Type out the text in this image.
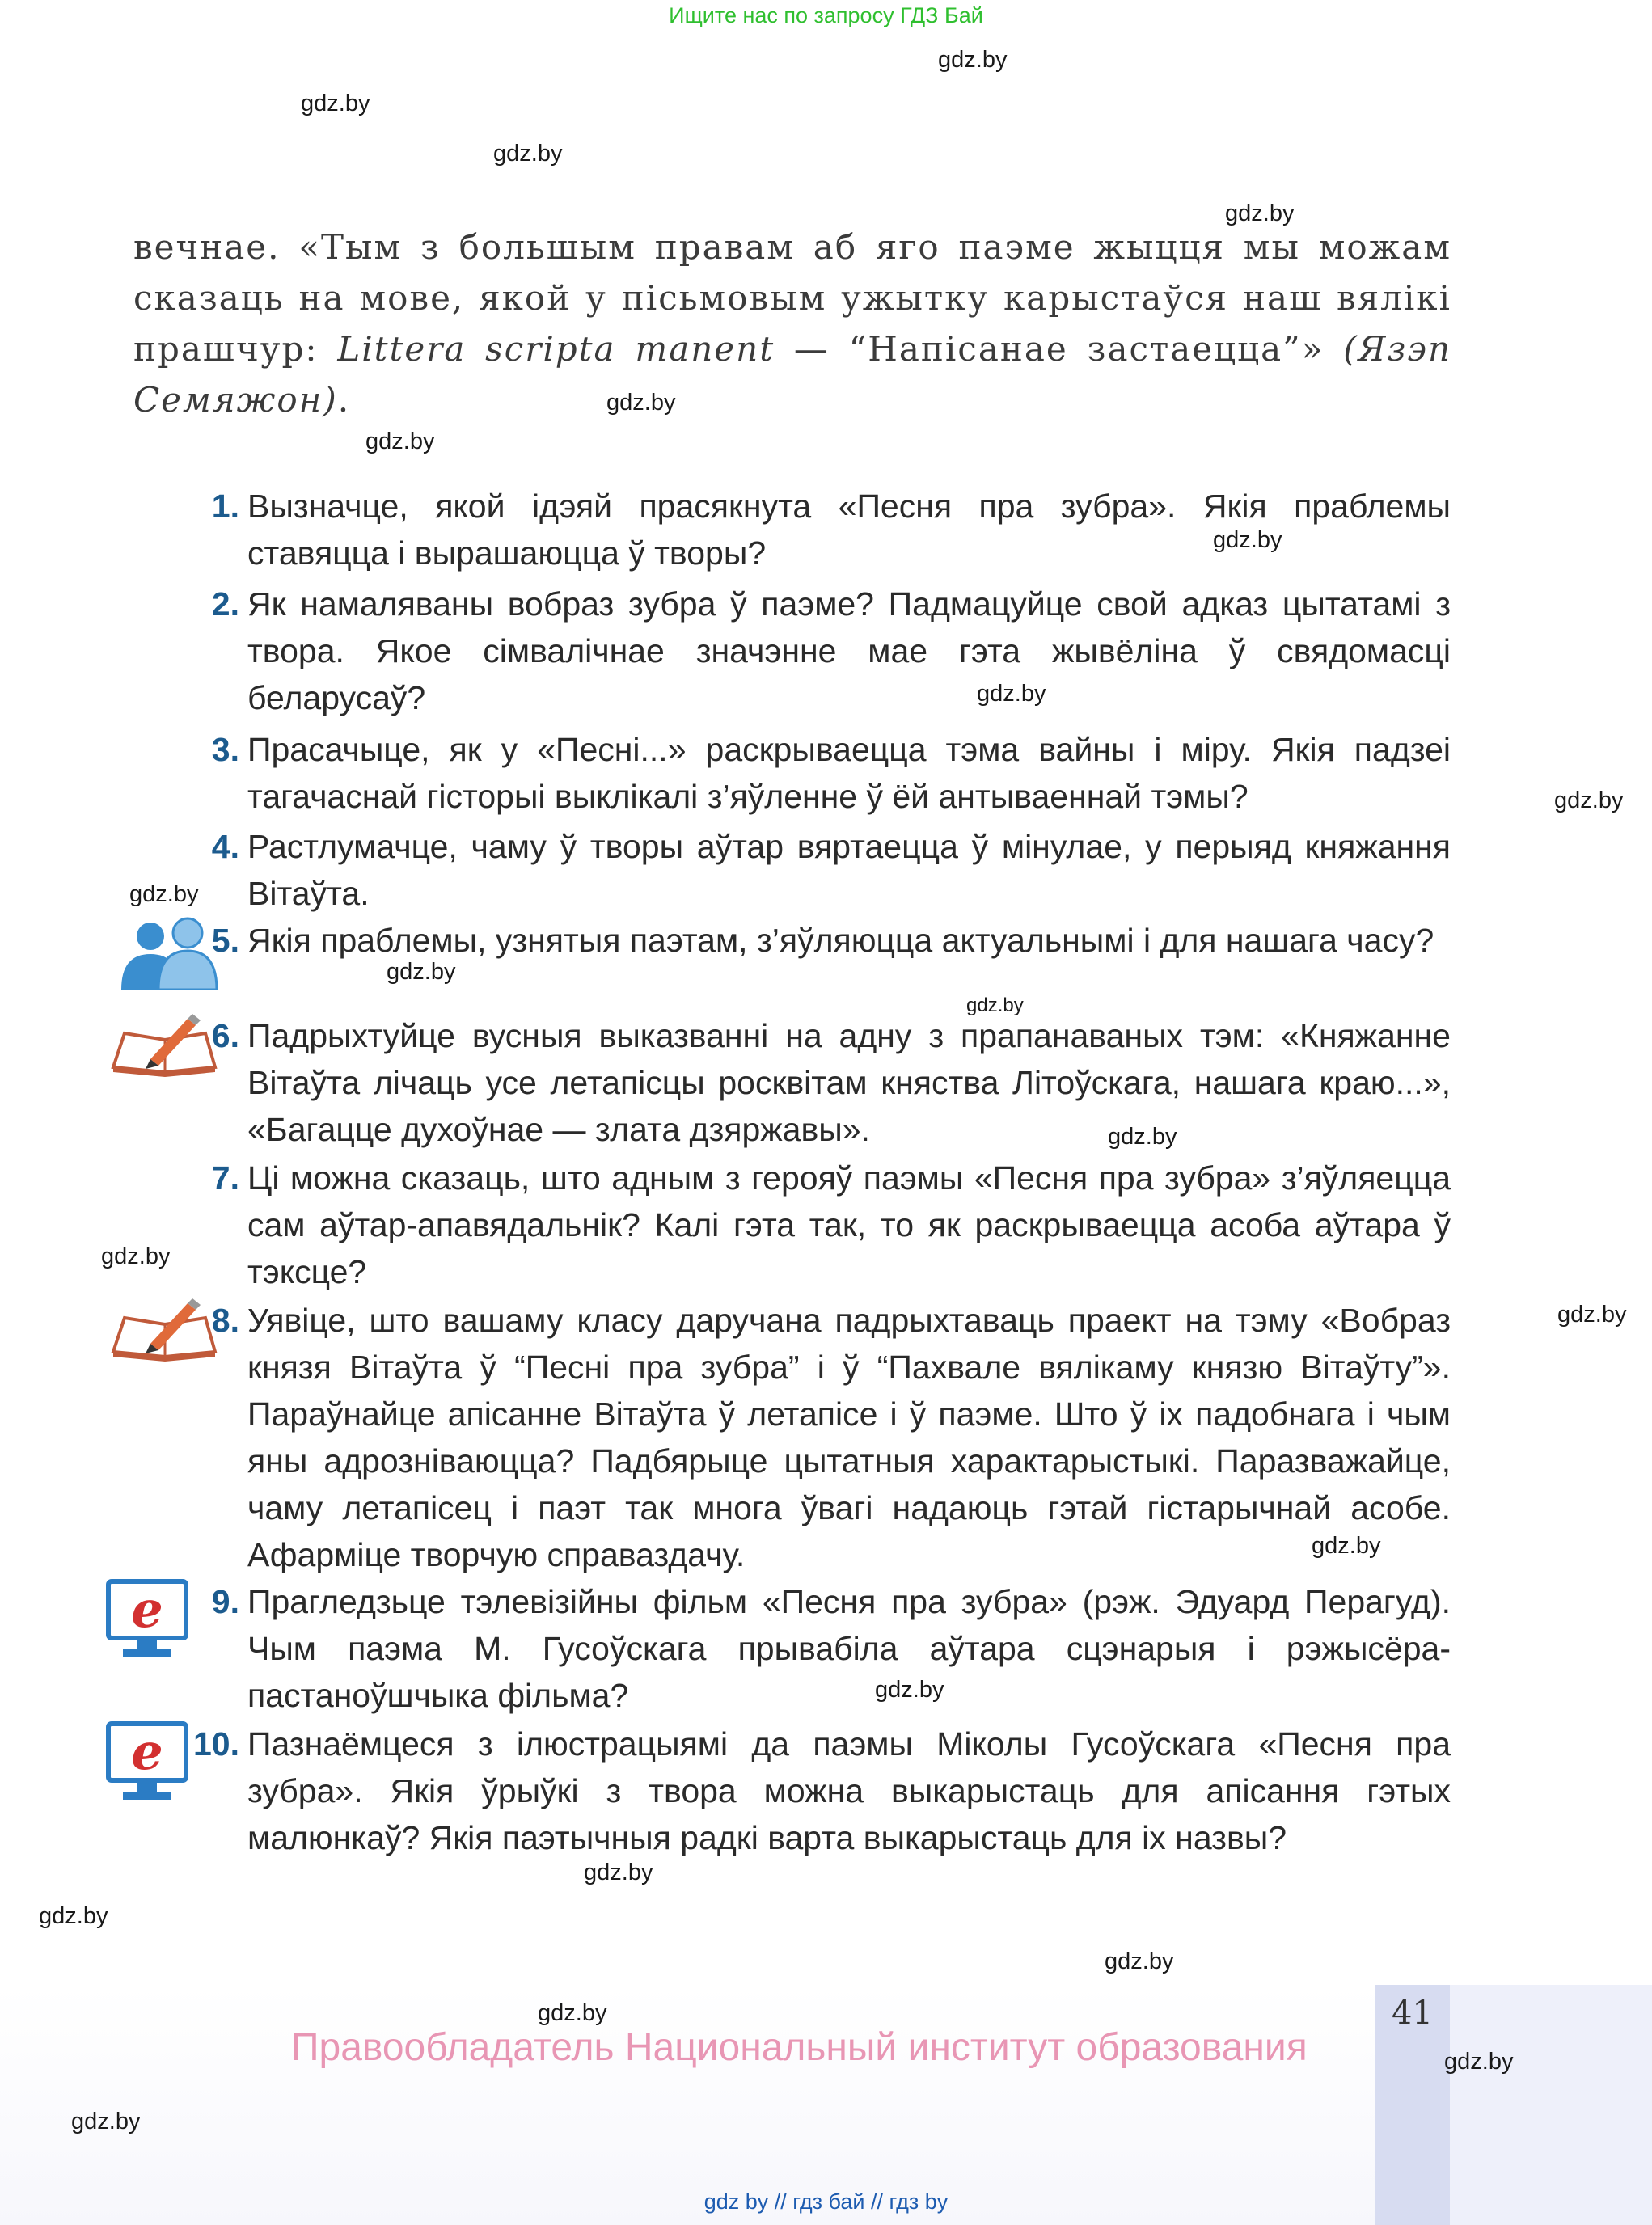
Ищите нас по запросу ГДЗ Бай
gdz.by
gdz.by
gdz.by
gdz.by
gdz.by
gdz.by
gdz.by
gdz.by
gdz.by
gdz.by
gdz.by
gdz.by
gdz.by
gdz.by
gdz.by
gdz.by
gdz.by
gdz.by
gdz.by
gdz.by
вечнае. «Тым з большым правам аб яго паэме жыцця мы можам сказаць на мове, якой у пісьмовым ужытку карыстаўся наш вялікі прашчур: Littera scripta manent — “Напісанае застаецца”» (Язэп Семяжон).
1. Вызначце, якой ідэяй прасякнута «Песня пра зубра». Якія праблемы ставяцца і вырашаюцца ў творы?
2. Як намаляваны вобраз зубра ў паэме? Падмацуйце свой адказ цытатамі з твора. Якое сімвалічнае значэнне мае гэта жывёліна ў свядомасці беларусаў?
3. Прасачыце, як у «Песні...» раскрываецца тэма вайны і міру. Якія падзеі тагачаснай гісторыі выклікалі з’яўленне ў ёй антываеннай тэмы?
4. Растлумачце, чаму ў творы аўтар вяртаецца ў мінулае, у перыяд княжання Вітаўта.
5. Якія праблемы, узнятыя паэтам, з’яўляюцца актуальнымі і для нашага часу?
6. Падрыхтуйце вусныя выказванні на адну з прапанаваных тэм: «Княжанне Вітаўта лічаць усе летапісцы росквітам княства Літоўскага, нашага краю...», «Багацце духоўнае — злата дзяржавы».
7. Ці можна сказаць, што адным з герояў паэмы «Песня пра зубра» з’яўляецца сам аўтар-апавядальнік? Калі гэта так, то як раскрываецца асоба аўтара ў тэксце?
8. Уявіце, што вашаму класу даручана падрыхтаваць праект на тэму «Вобраз князя Вітаўта ў “Песні пра зубра” і ў “Пахвале вялікаму князю Вітаўту”». Параўнайце апісанне Вітаўта ў летапісе і ў паэме. Што ў іх падобнага і чым яны адрозніваюцца? Падбярыце цытатныя характарыстыкі. Паразважайце, чаму летапісец і паэт так многа ўвагі надаюць гэтай гістарычнай асобе. Афарміце творчую справаздачу.
9. Прагледзьце тэлевізійны фільм «Песня пра зубра» (рэж. Эдуард Перагуд). Чым паэма М. Гусоўскага прывабіла аўтара сцэнарыя і рэжысёра-пастаноўшчыка фільма?
10. Пазнаёмцеся з ілюстрацыямі да паэмы Міколы Гусоўскага «Песня пра зубра». Якія ўрыўкі з твора можна выкарыстаць для апісання гэтых малюнкаў? Якія паэтычныя радкі варта выкарыстаць для іх назвы?
e
e
41
gdz.by
Правообладатель Национальный институт образования	gdz.by
gdz.by
gdz by // гдз бай // гдз by
